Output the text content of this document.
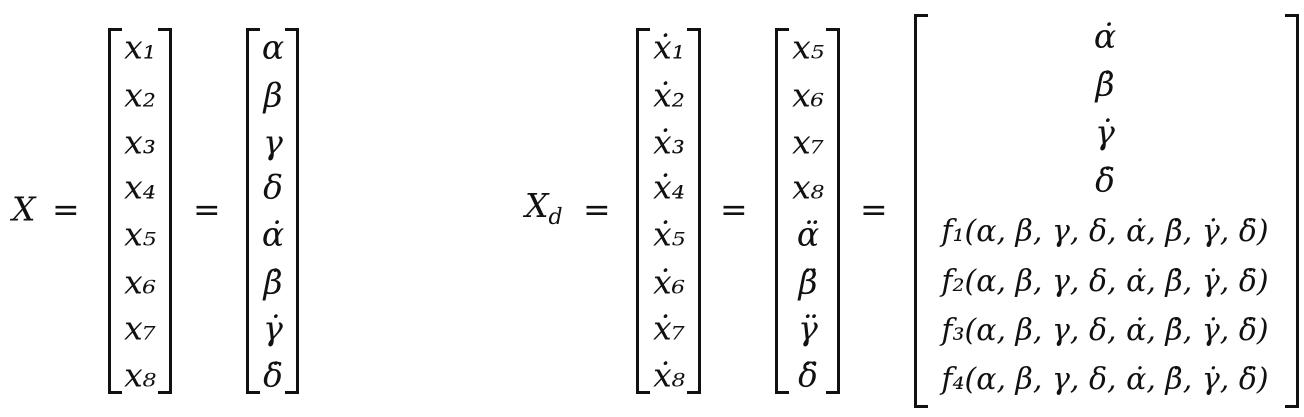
X =
x₁
x₂
x₃
x₄
x₅
x₆
x₇
x₈
=
α
β
γ
δ
α̇
β̇
γ̇
δ̇
$X_d$ =
ẋ₁
ẋ₂
ẋ₃
ẋ₄
ẋ₅
ẋ₆
ẋ₇
ẋ₈
=
x₅
x₆
x₇
x₈
α̈
β̈
γ̈
δ̈
=
α̇
β̇
γ̇
δ̇
f₁(α, β, γ, δ, α̇, β̇, γ̇, δ̇)
f₂(α, β, γ, δ, α̇, β̇, γ̇, δ̇)
f₃(α, β, γ, δ, α̇, β̇, γ̇, δ̇)
f₄(α, β, γ, δ, α̇, β̇, γ̇, δ̇)
